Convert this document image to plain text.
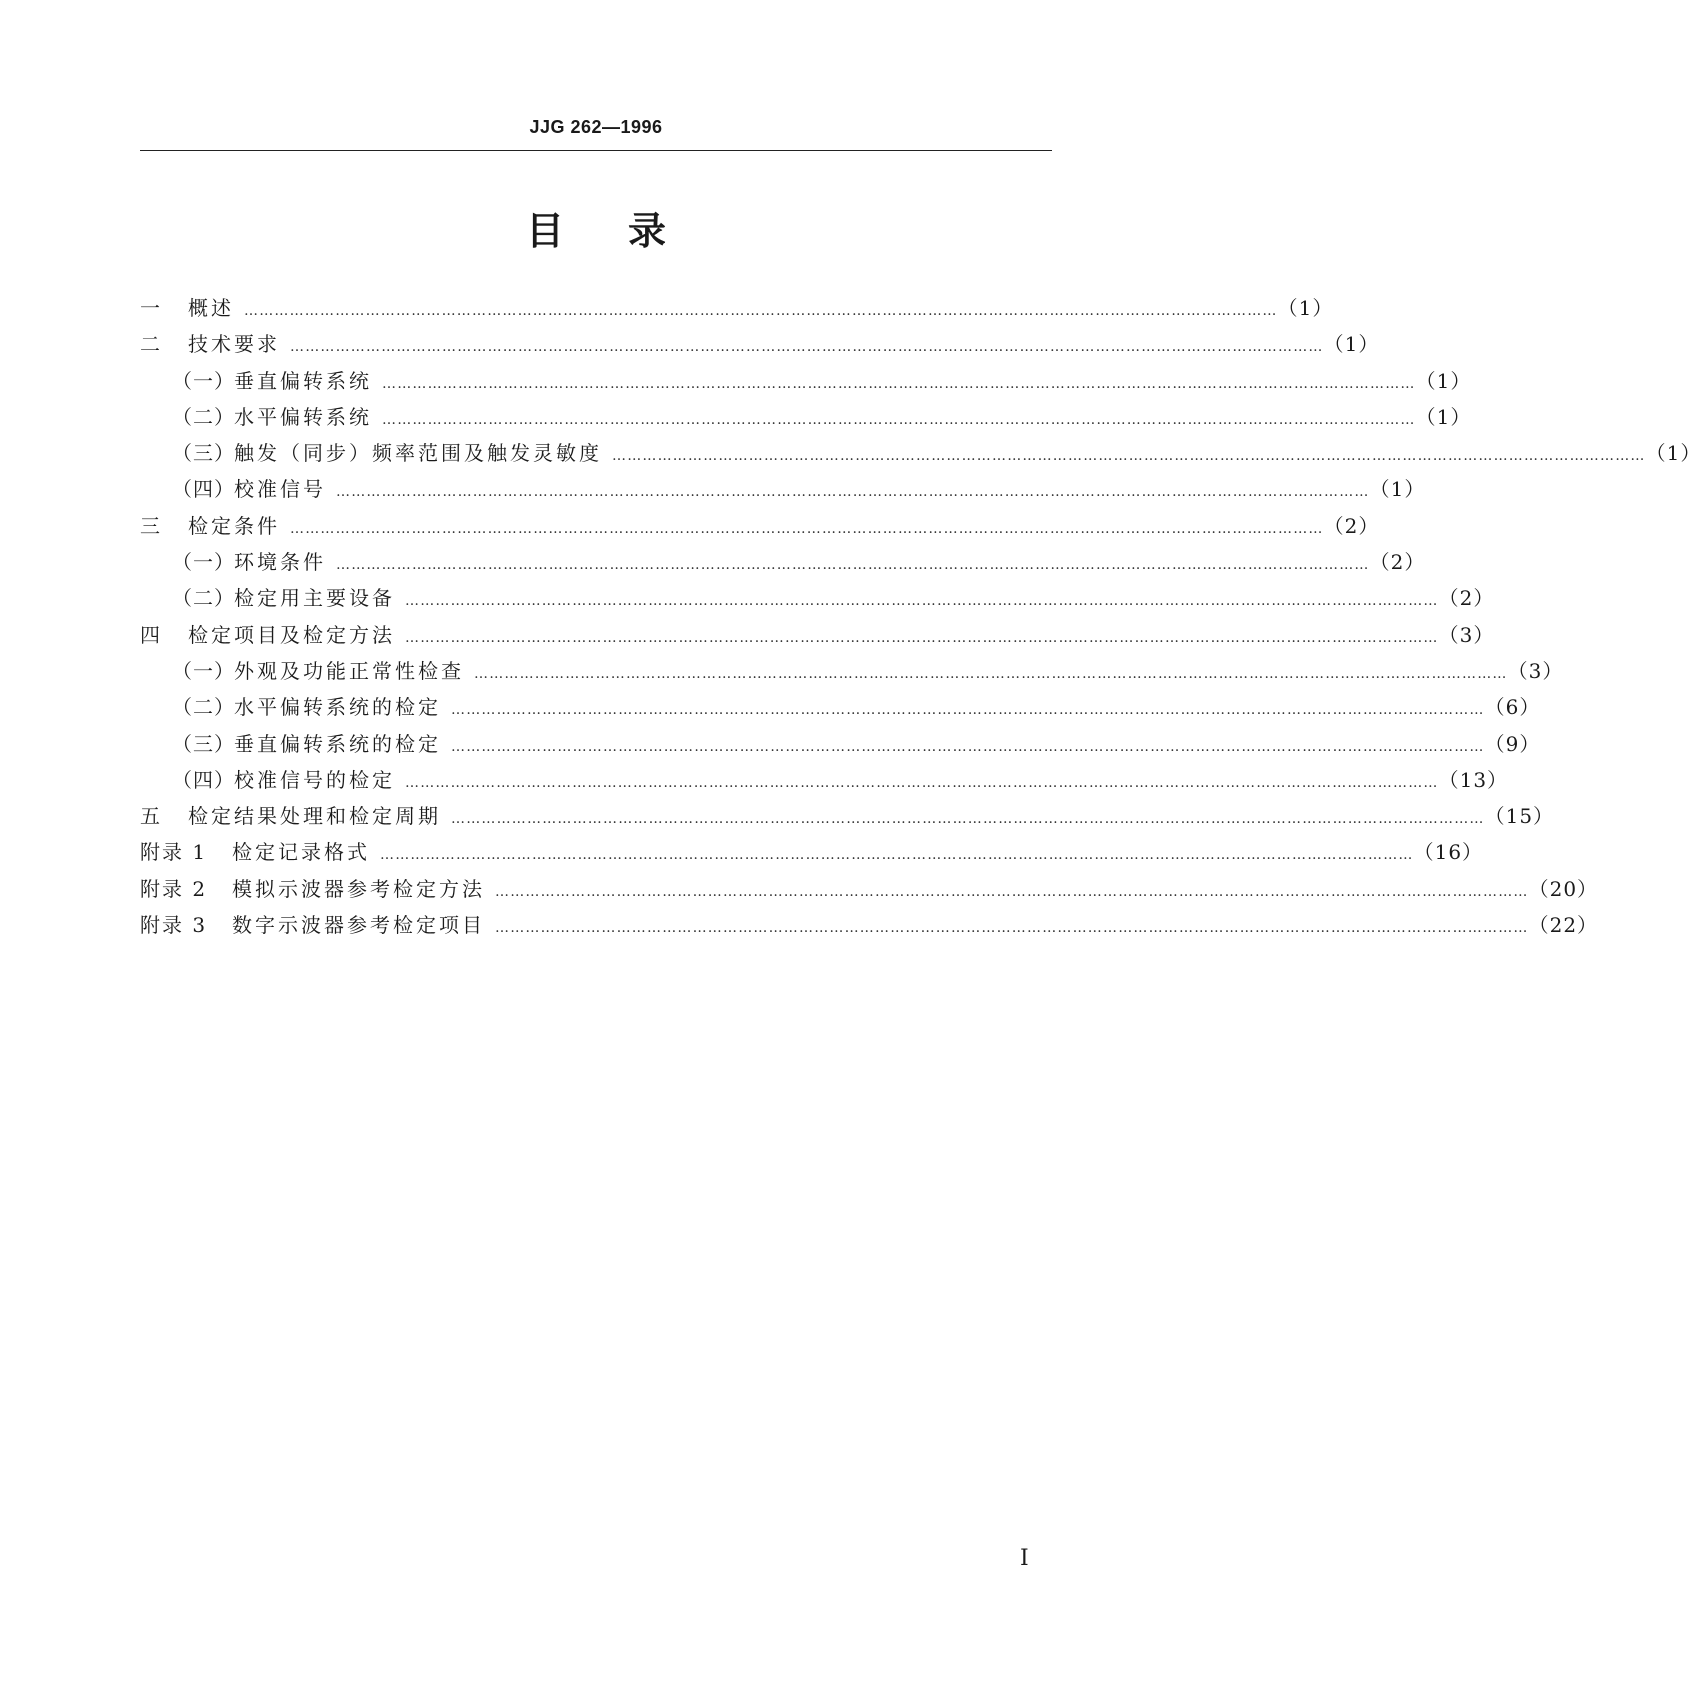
JJG 262—1996
目 录
一	概述 …………………………………………………………………………………………………………………………………………………………………………………… （1）
二	技术要求 …………………………………………………………………………………………………………………………………………………………………………………… （1）
（一） 垂直偏转系统 …………………………………………………………………………………………………………………………………………………………………………………… （1）
（二） 水平偏转系统 …………………………………………………………………………………………………………………………………………………………………………………… （1）
（三） 触发（同步）频率范围及触发灵敏度 …………………………………………………………………………………………………………………………………………………………………………………… （1）
（四） 校准信号 …………………………………………………………………………………………………………………………………………………………………………………… （1）
三	检定条件 …………………………………………………………………………………………………………………………………………………………………………………… （2）
（一） 环境条件 …………………………………………………………………………………………………………………………………………………………………………………… （2）
（二） 检定用主要设备 …………………………………………………………………………………………………………………………………………………………………………………… （2）
四	检定项目及检定方法 …………………………………………………………………………………………………………………………………………………………………………………… （3）
（一） 外观及功能正常性检查 …………………………………………………………………………………………………………………………………………………………………………………… （3）
（二） 水平偏转系统的检定 …………………………………………………………………………………………………………………………………………………………………………………… （6）
（三） 垂直偏转系统的检定 …………………………………………………………………………………………………………………………………………………………………………………… （9）
（四） 校准信号的检定 …………………………………………………………………………………………………………………………………………………………………………………… （13）
五	检定结果处理和检定周期 …………………………………………………………………………………………………………………………………………………………………………………… （15）
附录 1	检定记录格式 …………………………………………………………………………………………………………………………………………………………………………………… （16）
附录 2	模拟示波器参考检定方法 …………………………………………………………………………………………………………………………………………………………………………………… （20）
附录 3	数字示波器参考检定项目 …………………………………………………………………………………………………………………………………………………………………………………… （22）
I
